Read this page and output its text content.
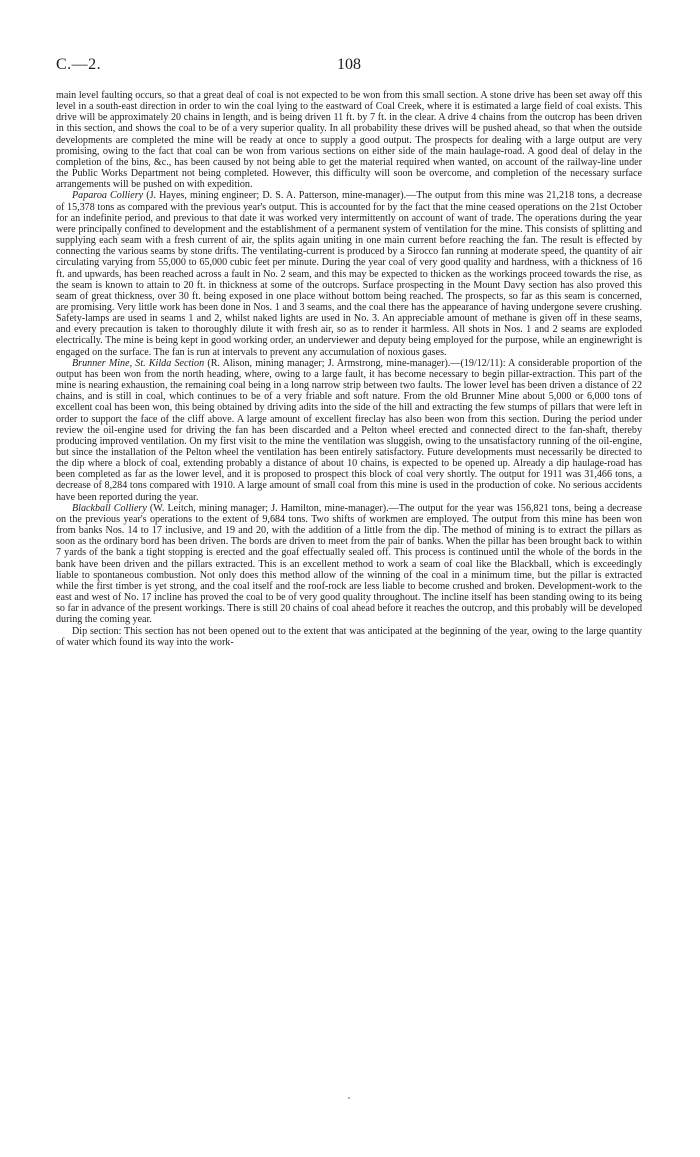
C.—2.	108

main level faulting occurs, so that a great deal of coal is not expected to be won from this small section. A stone drive has been set away off this level in a south-east direction in order to win the coal lying to the eastward of Coal Creek, where it is estimated a large field of coal exists. This drive will be approximately 20 chains in length, and is being driven 11 ft. by 7 ft. in the clear. A drive 4 chains from the outcrop has been driven in this section, and shows the coal to be of a very superior quality. In all probability these drives will be pushed ahead, so that when the outside developments are completed the mine will be ready at once to supply a good output. The prospects for dealing with a large output are very promising, owing to the fact that coal can be won from various sections on either side of the main haulage-road. A good deal of delay in the completion of the bins, &c., has been caused by not being able to get the material required when wanted, on account of the railway-line under the Public Works Department not being completed. However, this difficulty will soon be overcome, and completion of the necessary surface arrangements will be pushed on with expedition.

Paparoa Colliery (J. Hayes, mining engineer; D. S. A. Patterson, mine-manager).—The output from this mine was 21,218 tons, a decrease of 15,378 tons as compared with the previous year's output. This is accounted for by the fact that the mine ceased operations on the 21st October for an indefinite period, and previous to that date it was worked very intermittently on account of want of trade. The operations during the year were principally confined to development and the establishment of a permanent system of ventilation for the mine. This consists of splitting and supplying each seam with a fresh current of air, the splits again uniting in one main current before reaching the fan. The result is effected by connecting the various seams by stone drifts. The ventilating-current is produced by a Sirocco fan running at moderate speed, the quantity of air circulating varying from 55,000 to 65,000 cubic feet per minute. During the year coal of very good quality and hardness, with a thickness of 16 ft. and upwards, has been reached across a fault in No. 2 seam, and this may be expected to thicken as the workings proceed towards the rise, as the seam is known to attain to 20 ft. in thickness at some of the outcrops. Surface prospecting in the Mount Davy section has also proved this seam of great thickness, over 30 ft. being exposed in one place without bottom being reached. The prospects, so far as this seam is concerned, are promising. Very little work has been done in Nos. 1 and 3 seams, and the coal there has the appearance of having undergone severe crushing. Safety-lamps are used in seams 1 and 2, whilst naked lights are used in No. 3. An appreciable amount of methane is given off in these seams, and every precaution is taken to thoroughly dilute it with fresh air, so as to render it harmless. All shots in Nos. 1 and 2 seams are exploded electrically. The mine is being kept in good working order, an underviewer and deputy being employed for the purpose, while an enginewright is engaged on the surface. The fan is run at intervals to prevent any accumulation of noxious gases.

Brunner Mine, St. Kilda Section (R. Alison, mining manager; J. Armstrong, mine-manager).—(19/12/11): A considerable proportion of the output has been won from the north heading, where, owing to a large fault, it has become necessary to begin pillar-extraction. This part of the mine is nearing exhaustion, the remaining coal being in a long narrow strip between two faults. The lower level has been driven a distance of 22 chains, and is still in coal, which continues to be of a very friable and soft nature. From the old Brunner Mine about 5,000 or 6,000 tons of excellent coal has been won, this being obtained by driving adits into the side of the hill and extracting the few stumps of pillars that were left in order to support the face of the cliff above. A large amount of excellent fireclay has also been won from this section. During the period under review the oil-engine used for driving the fan has been discarded and a Pelton wheel erected and connected direct to the fan-shaft, thereby producing improved ventilation. On my first visit to the mine the ventilation was sluggish, owing to the unsatisfactory running of the oil-engine, but since the installation of the Pelton wheel the ventilation has been entirely satisfactory. Future developments must necessarily be directed to the dip where a block of coal, extending probably a distance of about 10 chains, is expected to be opened up. Already a dip haulage-road has been completed as far as the lower level, and it is proposed to prospect this block of coal very shortly. The output for 1911 was 31,466 tons, a decrease of 8,284 tons compared with 1910. A large amount of small coal from this mine is used in the production of coke. No serious accidents have been reported during the year.

Blackball Colliery (W. Leitch, mining manager; J. Hamilton, mine-manager).—The output for the year was 156,821 tons, being a decrease on the previous year's operations to the extent of 9,684 tons. Two shifts of workmen are employed. The output from this mine has been won from banks Nos. 14 to 17 inclusive, and 19 and 20, with the addition of a little from the dip. The method of mining is to extract the pillars as soon as the ordinary bord has been driven. The bords are driven to meet from the pair of banks. When the pillar has been brought back to within 7 yards of the bank a tight stopping is erected and the goaf effectually sealed off. This process is continued until the whole of the bords in the bank have been driven and the pillars extracted. This is an excellent method to work a seam of coal like the Blackball, which is exceedingly liable to spontaneous combustion. Not only does this method allow of the winning of the coal in a minimum time, but the pillar is extracted while the first timber is yet strong, and the coal itself and the roof-rock are less liable to become crushed and broken. Development-work to the east and west of No. 17 incline has proved the coal to be of very good quality throughout. The incline itself has been standing owing to its being so far in advance of the present workings. There is still 20 chains of coal ahead before it reaches the outcrop, and this probably will be developed during the coming year.

Dip section: This section has not been opened out to the extent that was anticipated at the beginning of the year, owing to the large quantity of water which found its way into the work-
